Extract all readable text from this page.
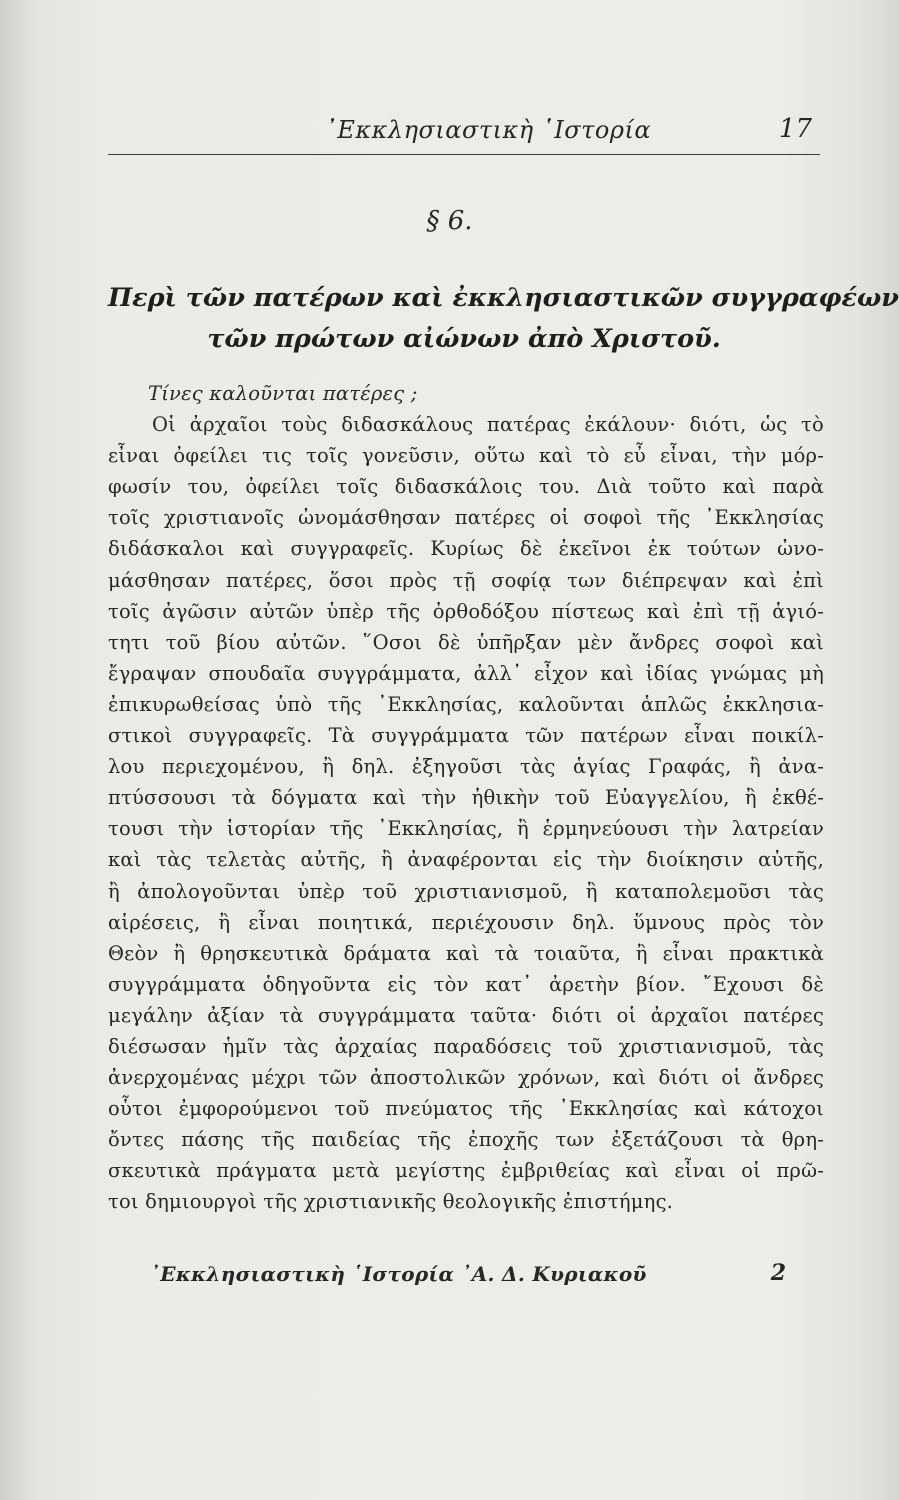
᾿Εκκλησιαστικὴ ῾Ιστορία	17
§ 6.
Περὶ τῶν πατέρων καὶ ἐκκλησιαστικῶν συγγραφέων
τῶν πρώτων αἰώνων ἀπὸ Χριστοῦ.
Τίνες καλοῦνται πατέρες ;
Οἱ ἀρχαῖοι τοὺς διδασκάλους πατέρας ἐκάλουν· διότι, ὡς τὸ
εἶναι ὀφείλει τις τοῖς γονεῦσιν, οὕτω καὶ τὸ εὖ εἶναι, τὴν μόρ-
φωσίν του, ὀφείλει τοῖς διδασκάλοις του. Διὰ τοῦτο καὶ παρὰ
τοῖς χριστιανοῖς ὠνομάσθησαν πατέρες οἱ σοφοὶ τῆς ᾿Εκκλησίας
διδάσκαλοι καὶ συγγραφεῖς. Κυρίως δὲ ἐκεῖνοι ἐκ τούτων ὠνο-
μάσθησαν πατέρες, ὅσοι πρὸς τῇ σοφίᾳ των διέπρεψαν καὶ ἐπὶ
τοῖς ἀγῶσιν αὐτῶν ὑπὲρ τῆς ὀρθοδόξου πίστεως καὶ ἐπὶ τῇ ἁγιό-
τητι τοῦ βίου αὐτῶν. ῞Οσοι δὲ ὑπῆρξαν μὲν ἄνδρες σοφοὶ καὶ
ἔγραψαν σπουδαῖα συγγράμματα, ἀλλ᾿ εἶχον καὶ ἰδίας γνώμας μὴ
ἐπικυρωθείσας ὑπὸ τῆς ᾿Εκκλησίας, καλοῦνται ἁπλῶς ἐκκλησια-
στικοὶ συγγραφεῖς. Τὰ συγγράμματα τῶν πατέρων εἶναι ποικίλ-
λου περιεχομένου, ἢ δηλ. ἐξηγοῦσι τὰς ἁγίας Γραφάς, ἢ ἀνα-
πτύσσουσι τὰ δόγματα καὶ τὴν ἠθικὴν τοῦ Εὐαγγελίου, ἢ ἐκθέ-
τουσι τὴν ἱστορίαν τῆς ᾿Εκκλησίας, ἢ ἑρμηνεύουσι τὴν λατρείαν
καὶ τὰς τελετὰς αὐτῆς, ἢ ἀναφέρονται εἰς τὴν διοίκησιν αὐτῆς,
ἢ ἀπολογοῦνται ὑπὲρ τοῦ χριστιανισμοῦ, ἢ καταπολεμοῦσι τὰς
αἱρέσεις, ἢ εἶναι ποιητικά, περιέχουσιν δηλ. ὕμνους πρὸς τὸν
Θεὸν ἢ θρησκευτικὰ δράματα καὶ τὰ τοιαῦτα, ἢ εἶναι πρακτικὰ
συγγράμματα ὁδηγοῦντα εἰς τὸν κατ᾿ ἀρετὴν βίον. ῎Εχουσι δὲ
μεγάλην ἀξίαν τὰ συγγράμματα ταῦτα· διότι οἱ ἀρχαῖοι πατέρες
διέσωσαν ἡμῖν τὰς ἀρχαίας παραδόσεις τοῦ χριστιανισμοῦ, τὰς
ἀνερχομένας μέχρι τῶν ἀποστολικῶν χρόνων, καὶ διότι οἱ ἄνδρες
οὗτοι ἐμφορούμενοι τοῦ πνεύματος τῆς ᾿Εκκλησίας καὶ κάτοχοι
ὄντες πάσης τῆς παιδείας τῆς ἐποχῆς των ἐξετάζουσι τὰ θρη-
σκευτικὰ πράγματα μετὰ μεγίστης ἐμβριθείας καὶ εἶναι οἱ πρῶ-
τοι δημιουργοὶ τῆς χριστιανικῆς θεολογικῆς ἐπιστήμης.
᾿Εκκλησιαστικὴ ῾Ιστορία ᾿Α. Δ. Κυριακοῦ	2
